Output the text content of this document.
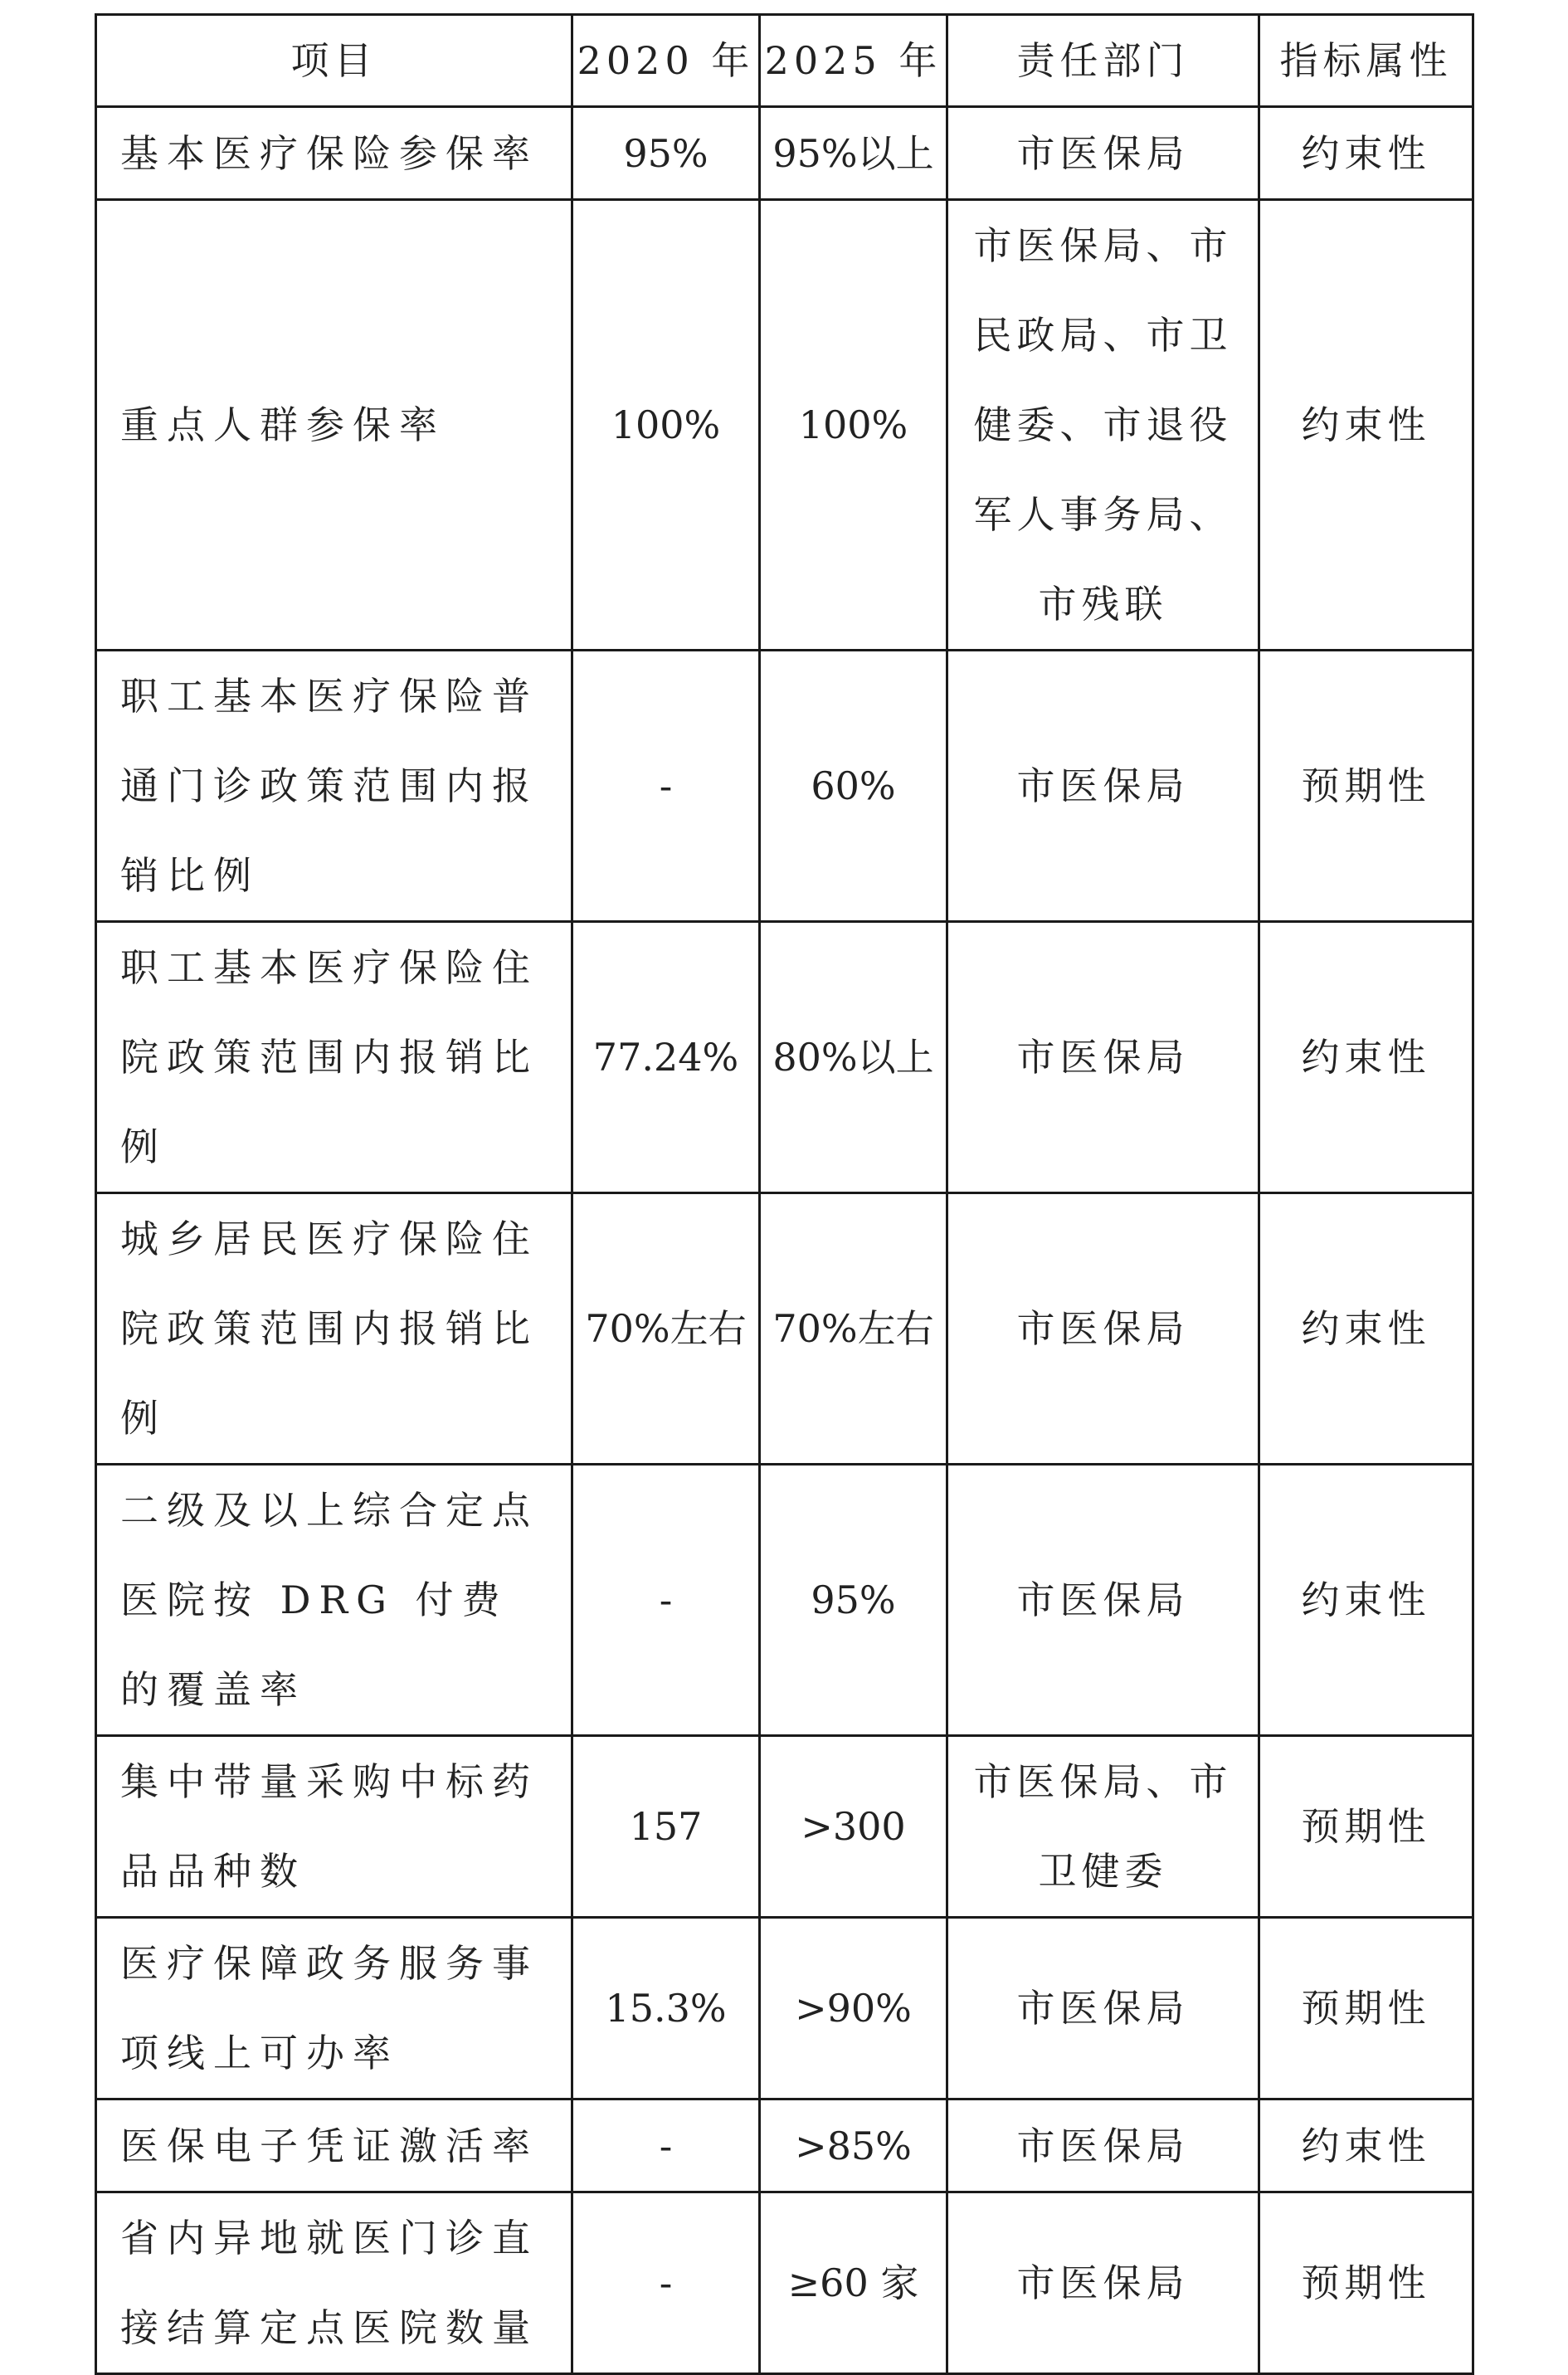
项目	2020 年	2025 年	责任部门	指标属性
基本医疗保险参保率	95%	95%以上	市医保局	约束性
重点人群参保率	100%	100%	市医保局、市民政局、市卫健委、市退役军人事务局、市残联	约束性
职工基本医疗保险普通门诊政策范围内报销比例	-	60%	市医保局	预期性
职工基本医疗保险住院政策范围内报销比例	77.24%	80%以上	市医保局	约束性
城乡居民医疗保险住院政策范围内报销比例	70%左右	70%左右	市医保局	约束性
二级及以上综合定点医院按 DRG 付费的覆盖率	-	95%	市医保局	约束性
集中带量采购中标药品品种数	157	>300	市医保局、市卫健委	预期性
医疗保障政务服务事项线上可办率	15.3%	>90%	市医保局	预期性
医保电子凭证激活率	-	>85%	市医保局	约束性
省内异地就医门诊直接结算定点医院数量	-	≥60 家	市医保局	预期性
